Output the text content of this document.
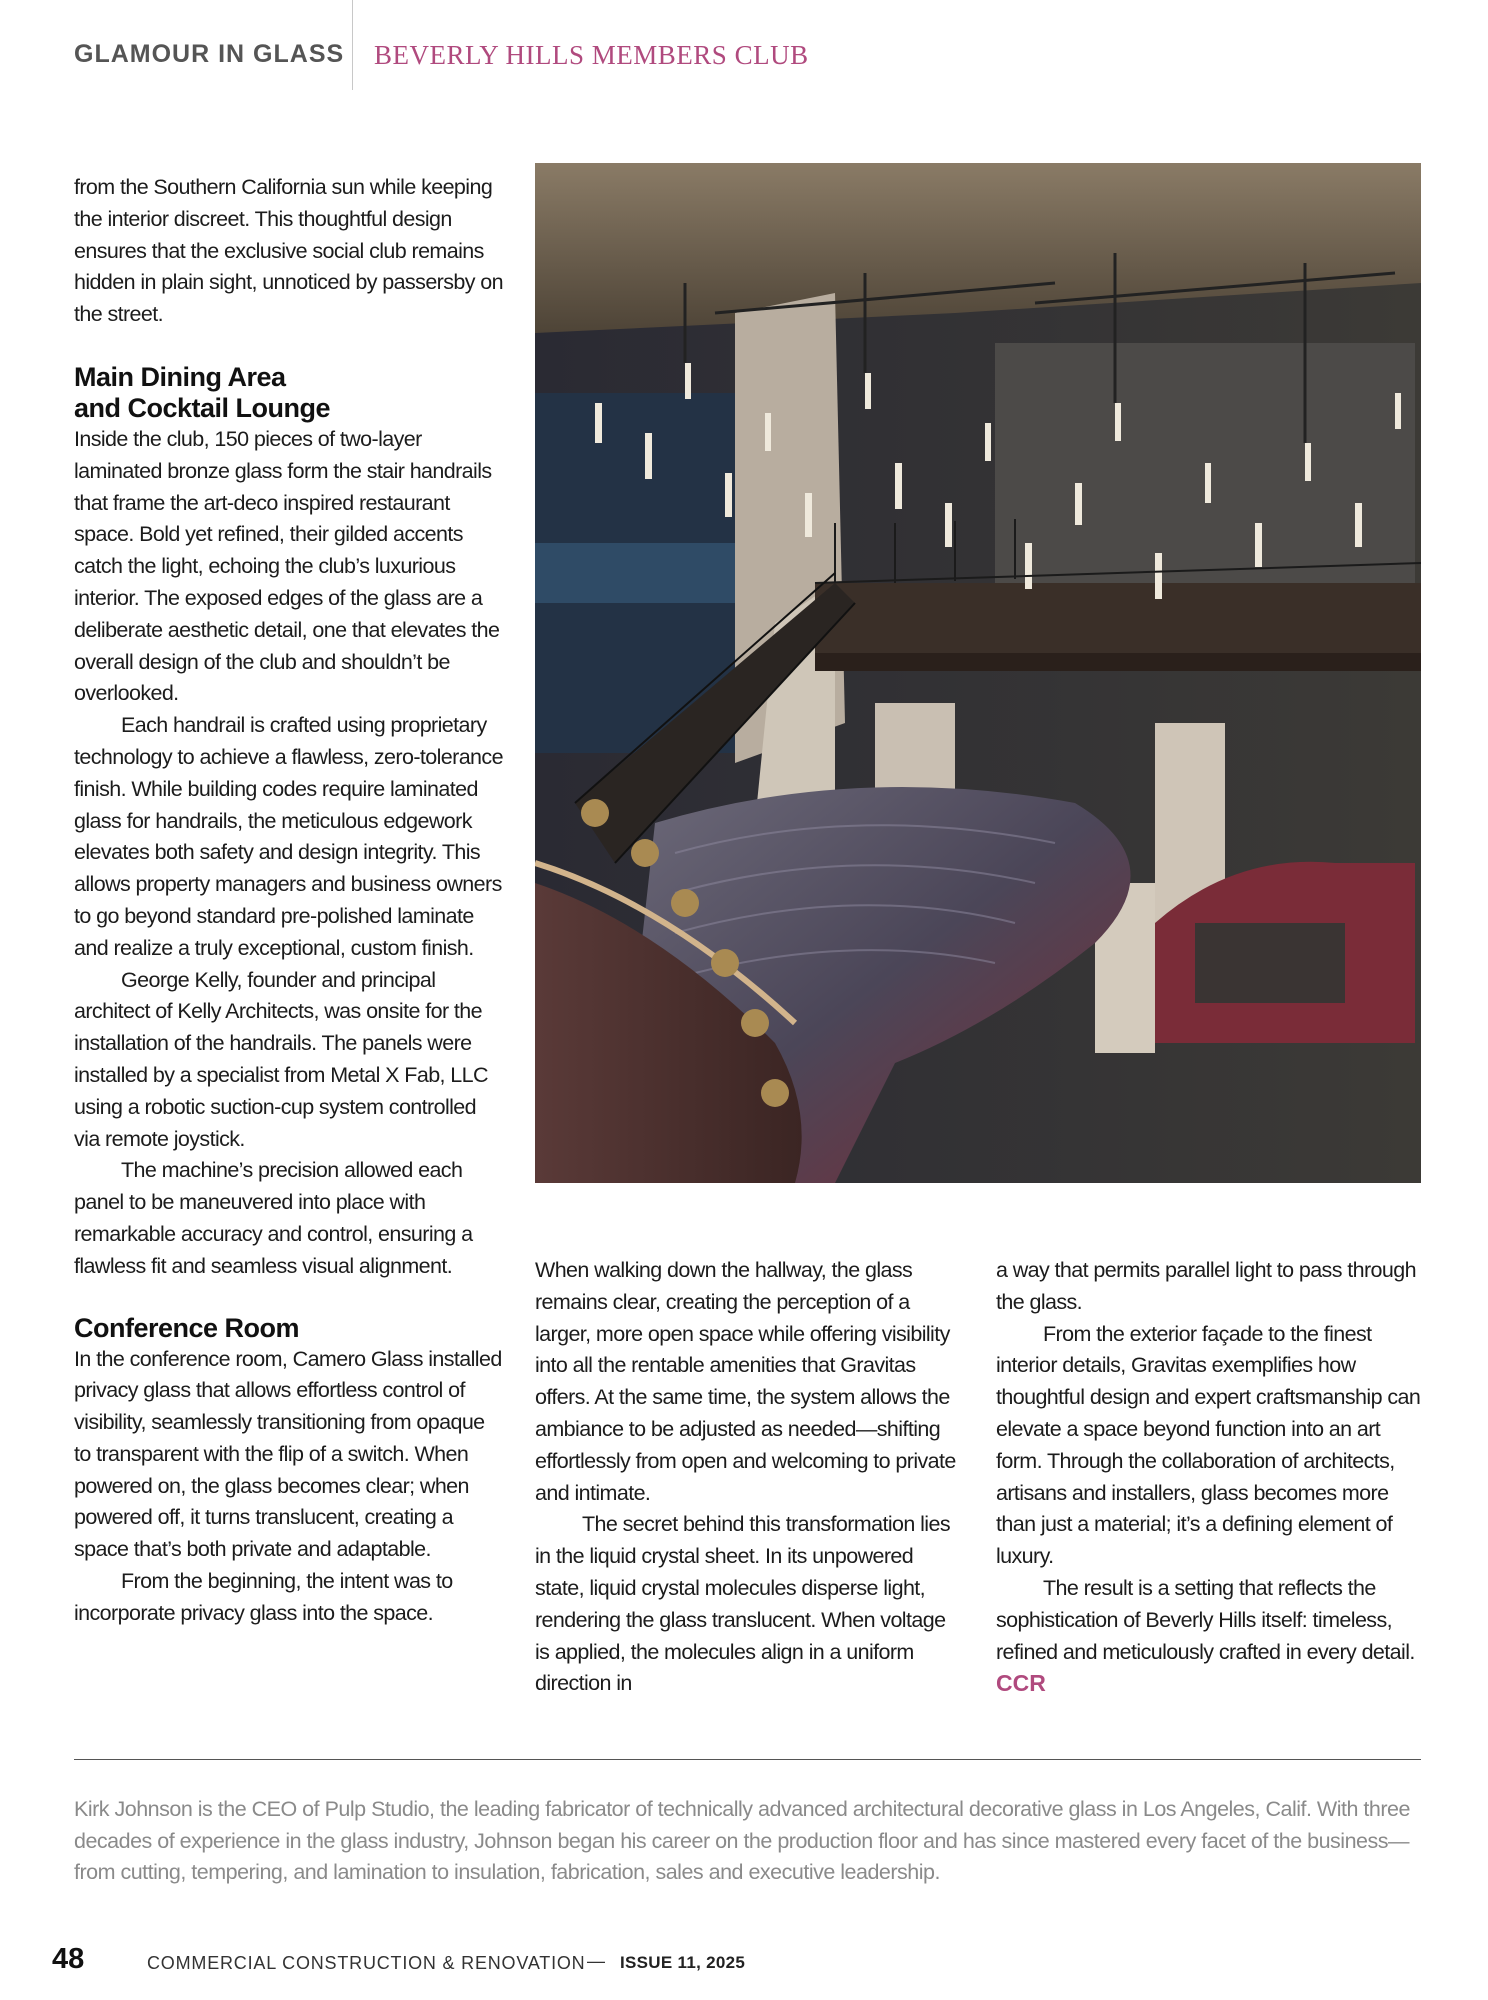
GLAMOUR IN GLASS BEVERLY HILLS MEMBERS CLUB

from the Southern California sun while keeping the interior discreet. This thoughtful design ensures that the exclusive social club remains hidden in plain sight, unnoticed by passersby on the street.

Main Dining Area
and Cocktail Lounge

Inside the club, 150 pieces of two-layer laminated bronze glass form the stair handrails that frame the art-deco inspired restaurant space. Bold yet refined, their gilded accents catch the light, echoing the club’s luxurious interior. The exposed edges of the glass are a deliberate aesthetic detail, one that elevates the overall design of the club and shouldn’t be overlooked.

Each handrail is crafted using proprietary technology to achieve a flawless, zero-tolerance finish. While building codes require laminated glass for handrails, the meticulous edgework elevates both safety and design integrity. This allows property managers and business owners to go beyond standard pre-polished laminate and realize a truly exceptional, custom finish.

George Kelly, founder and principal architect of Kelly Architects, was onsite for the installation of the handrails. The panels were installed by a specialist from Metal X Fab, LLC using a robotic suction-cup system controlled via remote joystick.

The machine’s precision allowed each panel to be maneuvered into place with remarkable accuracy and control, ensuring a flawless fit and seamless visual alignment.

Conference Room

In the conference room, Camero Glass installed privacy glass that allows effortless control of visibility, seamlessly transitioning from opaque to transparent with the flip of a switch. When powered on, the glass becomes clear; when powered off, it turns translucent, creating a space that’s both private and adaptable.

From the beginning, the intent was to incorporate privacy glass into the space.

When walking down the hallway, the glass remains clear, creating the perception of a larger, more open space while offering visibility into all the rentable amenities that Gravitas offers. At the same time, the system allows the ambiance to be adjusted as needed—shifting effortlessly from open and welcoming to private and intimate.

The secret behind this transformation lies in the liquid crystal sheet. In its unpowered state, liquid crystal molecules disperse light, rendering the glass translucent. When voltage is applied, the molecules align in a uniform direction in

a way that permits parallel light to pass through the glass.

From the exterior façade to the finest interior details, Gravitas exemplifies how thoughtful design and expert craftsmanship can elevate a space beyond function into an art form. Through the collaboration of architects, artisans and installers, glass becomes more than just a material; it’s a defining element of luxury.

The result is a setting that reflects the sophistication of Beverly Hills itself: timeless, refined and meticulously crafted in every detail. CCR

Kirk Johnson is the CEO of Pulp Studio, the leading fabricator of technically advanced architectural decorative glass in Los Angeles, Calif. With three decades of experience in the glass industry, Johnson began his career on the production floor and has since mastered every facet of the business—from cutting, tempering, and lamination to insulation, fabrication, sales and executive leadership.
48	COMMERCIAL CONSTRUCTION & RENOVATION — ISSUE 11, 2025
